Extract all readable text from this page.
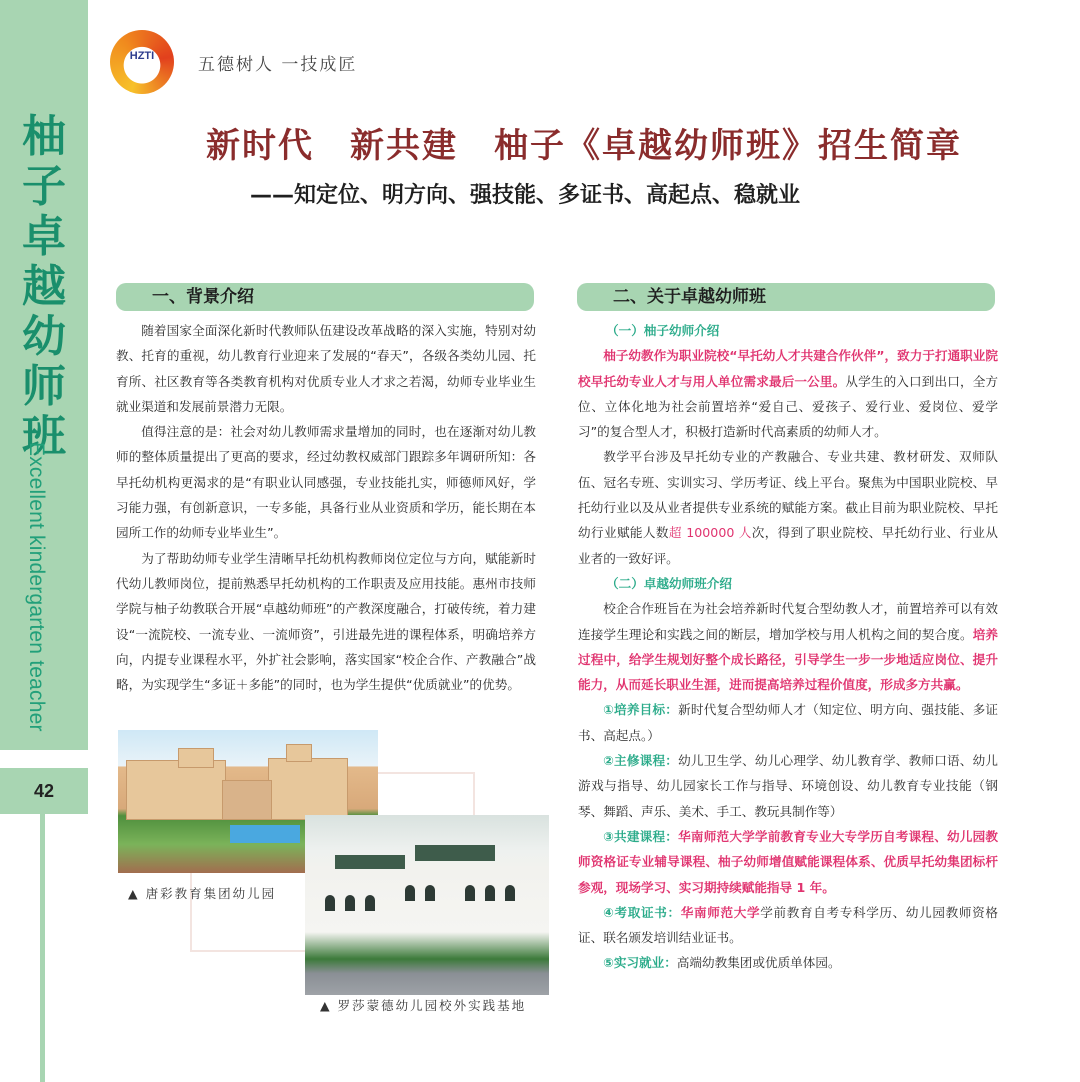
柚子卓越幼师班
Excellent kindergarten teacher
42
HZTI	五德树人 一技成匠
新时代　新共建　柚子《卓越幼师班》招生简章
——知定位、明方向、强技能、多证书、高起点、稳就业
一、背景介绍

随着国家全面深化新时代教师队伍建设改革战略的深入实施，特别对幼教、托育的重视，幼儿教育行业迎来了发展的“春天”，各级各类幼儿园、托育所、社区教育等各类教育机构对优质专业人才求之若渴，幼师专业毕业生就业渠道和发展前景潜力无限。

值得注意的是：社会对幼儿教师需求量增加的同时，也在逐渐对幼儿教师的整体质量提出了更高的要求，经过幼教权威部门跟踪多年调研所知：各早托幼机构更渴求的是“有职业认同感强，专业技能扎实，师德师风好，学习能力强，有创新意识，一专多能，具备行业从业资质和学历，能长期在本园所工作的幼师专业毕业生”。

为了帮助幼师专业学生清晰早托幼机构教师岗位定位与方向，赋能新时代幼儿教师岗位，提前熟悉早托幼机构的工作职责及应用技能。惠州市技师学院与柚子幼教联合开展“卓越幼师班”的产教深度融合，打破传统，着力建设“一流院校、一流专业、一流师资”，引进最先进的课程体系，明确培养方向，内提专业课程水平，外扩社会影响，落实国家“校企合作、产教融合”战略，为实现学生“多证＋多能”的同时，也为学生提供“优质就业”的优势。

▲ 唐彩教育集团幼儿园
▲ 罗莎蒙德幼儿园校外实践基地
二、关于卓越幼师班

（一）柚子幼师介绍

柚子幼教作为职业院校“早托幼人才共建合作伙伴”，致力于打通职业院校早托幼专业人才与用人单位需求最后一公里。从学生的入口到出口，全方位、立体化地为社会前置培养“爱自己、爱孩子、爱行业、爱岗位、爱学习”的复合型人才，积极打造新时代高素质的幼师人才。

教学平台涉及早托幼专业的产教融合、专业共建、教材研发、双师队伍、冠名专班、实训实习、学历考证、线上平台。聚焦为中国职业院校、早托幼行业以及从业者提供专业系统的赋能方案。截止目前为职业院校、早托幼行业赋能人数超 100000 人次，得到了职业院校、早托幼行业、行业从业者的一致好评。

（二）卓越幼师班介绍

校企合作班旨在为社会培养新时代复合型幼教人才，前置培养可以有效连接学生理论和实践之间的断层，增加学校与用人机构之间的契合度。培养过程中，给学生规划好整个成长路径，引导学生一步一步地适应岗位、提升能力，从而延长职业生涯，进而提高培养过程价值度，形成多方共赢。

①培养目标：新时代复合型幼师人才（知定位、明方向、强技能、多证书、高起点。）

②主修课程：幼儿卫生学、幼儿心理学、幼儿教育学、教师口语、幼儿游戏与指导、幼儿园家长工作与指导、环境创设、幼儿教育专业技能（钢琴、舞蹈、声乐、美术、手工、教玩具制作等）

③共建课程：华南师范大学学前教育专业大专学历自考课程、幼儿园教师资格证专业辅导课程、柚子幼师增值赋能课程体系、优质早托幼集团标杆参观，现场学习、实习期持续赋能指导 1 年。

④考取证书：华南师范大学学前教育自考专科学历、幼儿园教师资格证、联名颁发培训结业证书。

⑤实习就业：高端幼教集团或优质单体园。
